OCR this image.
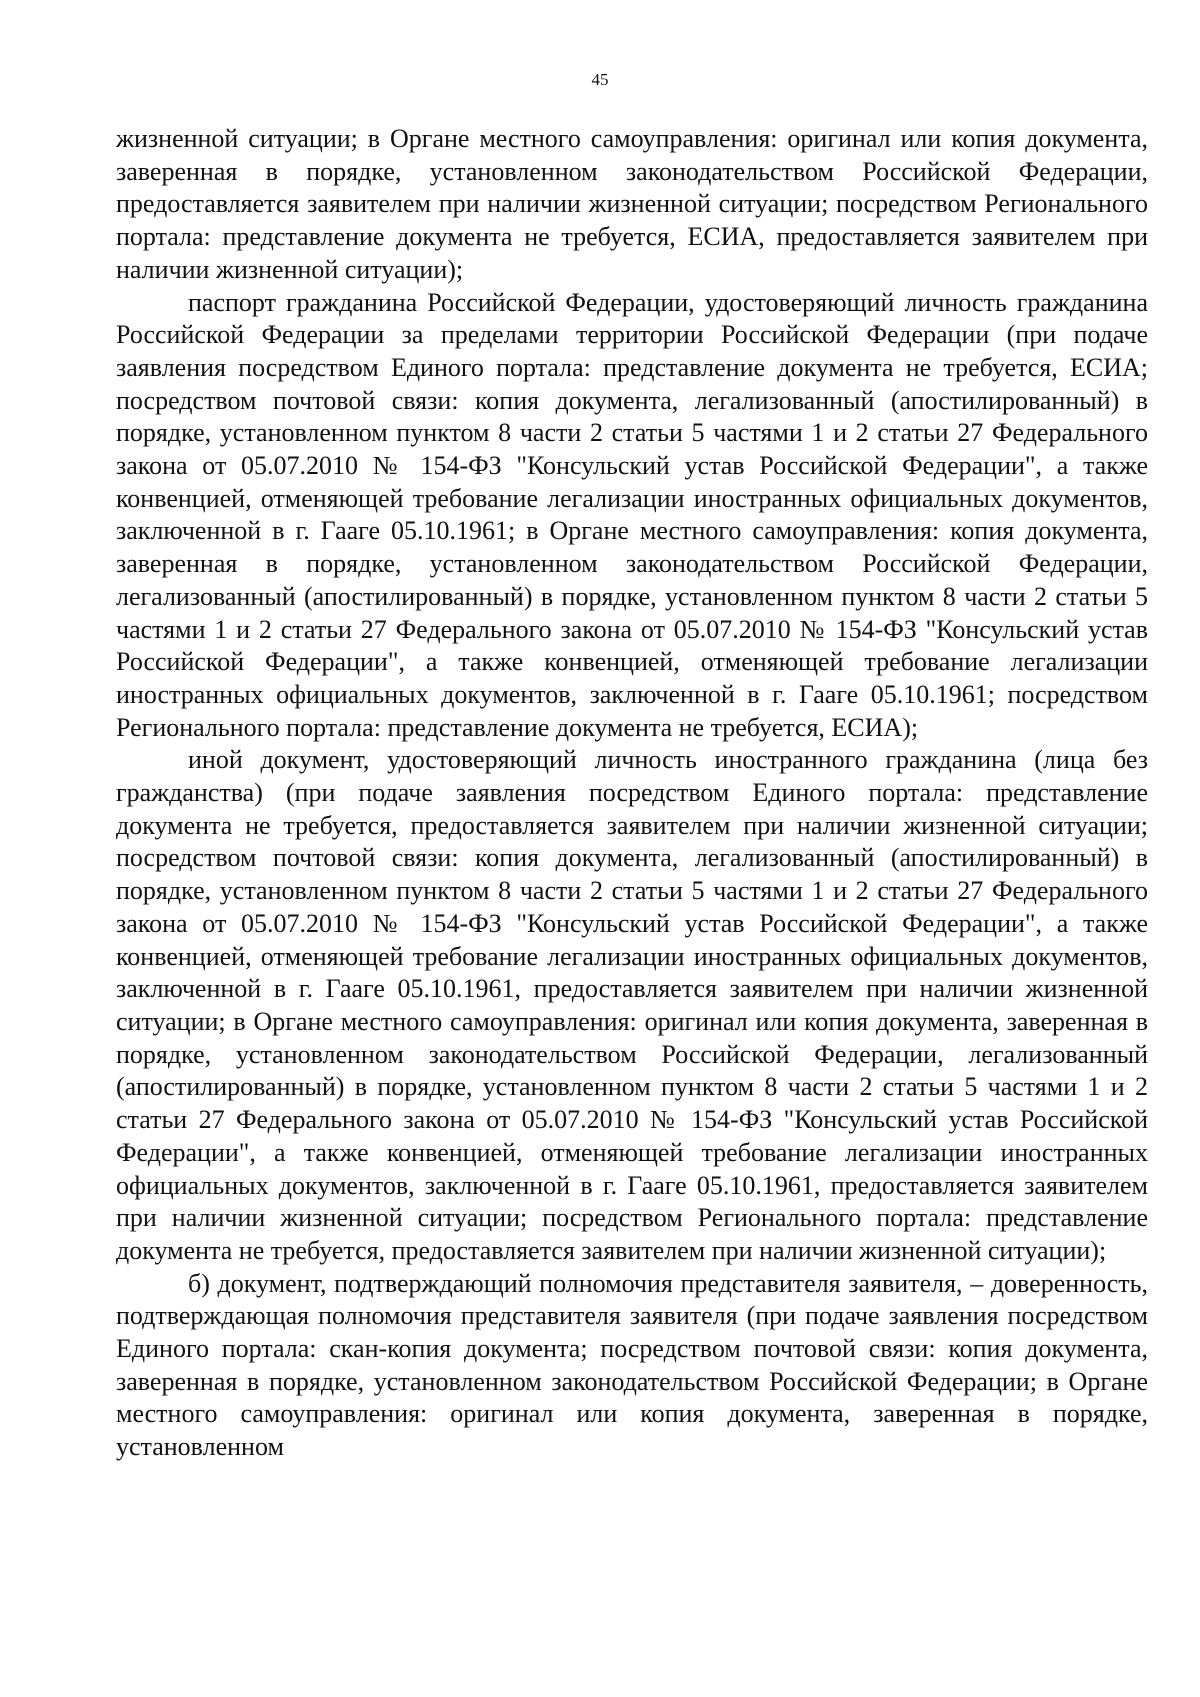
45

жизненной ситуации; в Органе местного самоуправления: оригинал или копия документа, заверенная в порядке, установленном законодательством Российской Федерации, предоставляется заявителем при наличии жизненной ситуации; посредством Регионального портала: представление документа не требуется, ЕСИА, предоставляется заявителем при наличии жизненной ситуации);

паспорт гражданина Российской Федерации, удостоверяющий личность гражданина Российской Федерации за пределами территории Российской Федерации (при подаче заявления посредством Единого портала: представление документа не требуется, ЕСИА; посредством почтовой связи: копия документа, легализованный (апостилированный) в порядке, установленном пунктом 8 части 2 статьи 5 частями 1 и 2 статьи 27 Федерального закона от 05.07.2010 № 154-ФЗ "Консульский устав Российской Федерации", а также конвенцией, отменяющей требование легализации иностранных официальных документов, заключенной в г. Гааге 05.10.1961; в Органе местного самоуправления: копия документа, заверенная в порядке, установленном законодательством Российской Федерации, легализованный (апостилированный) в порядке, установленном пунктом 8 части 2 статьи 5 частями 1 и 2 статьи 27 Федерального закона от 05.07.2010 № 154-ФЗ "Консульский устав Российской Федерации", а также конвенцией, отменяющей требование легализации иностранных официальных документов, заключенной в г. Гааге 05.10.1961; посредством Регионального портала: представление документа не требуется, ЕСИА);

иной документ, удостоверяющий личность иностранного гражданина (лица без гражданства) (при подаче заявления посредством Единого портала: представление документа не требуется, предоставляется заявителем при наличии жизненной ситуации; посредством почтовой связи: копия документа, легализованный (апостилированный) в порядке, установленном пунктом 8 части 2 статьи 5 частями 1 и 2 статьи 27 Федерального закона от 05.07.2010 № 154-ФЗ "Консульский устав Российской Федерации", а также конвенцией, отменяющей требование легализации иностранных официальных документов, заключенной в г. Гааге 05.10.1961, предоставляется заявителем при наличии жизненной ситуации; в Органе местного самоуправления: оригинал или копия документа, заверенная в порядке, установленном законодательством Российской Федерации, легализованный (апостилированный) в порядке, установленном пунктом 8 части 2 статьи 5 частями 1 и 2 статьи 27 Федерального закона от 05.07.2010 № 154-ФЗ "Консульский устав Российской Федерации", а также конвенцией, отменяющей требование легализации иностранных официальных документов, заключенной в г. Гааге 05.10.1961, предоставляется заявителем при наличии жизненной ситуации; посредством Регионального портала: представление документа не требуется, предоставляется заявителем при наличии жизненной ситуации);

б) документ, подтверждающий полномочия представителя заявителя, – доверенность, подтверждающая полномочия представителя заявителя (при подаче заявления посредством Единого портала: скан-копия документа; посредством почтовой связи: копия документа, заверенная в порядке, установленном законодательством Российской Федерации; в Органе местного самоуправления: оригинал или копия документа, заверенная в порядке, установленном
